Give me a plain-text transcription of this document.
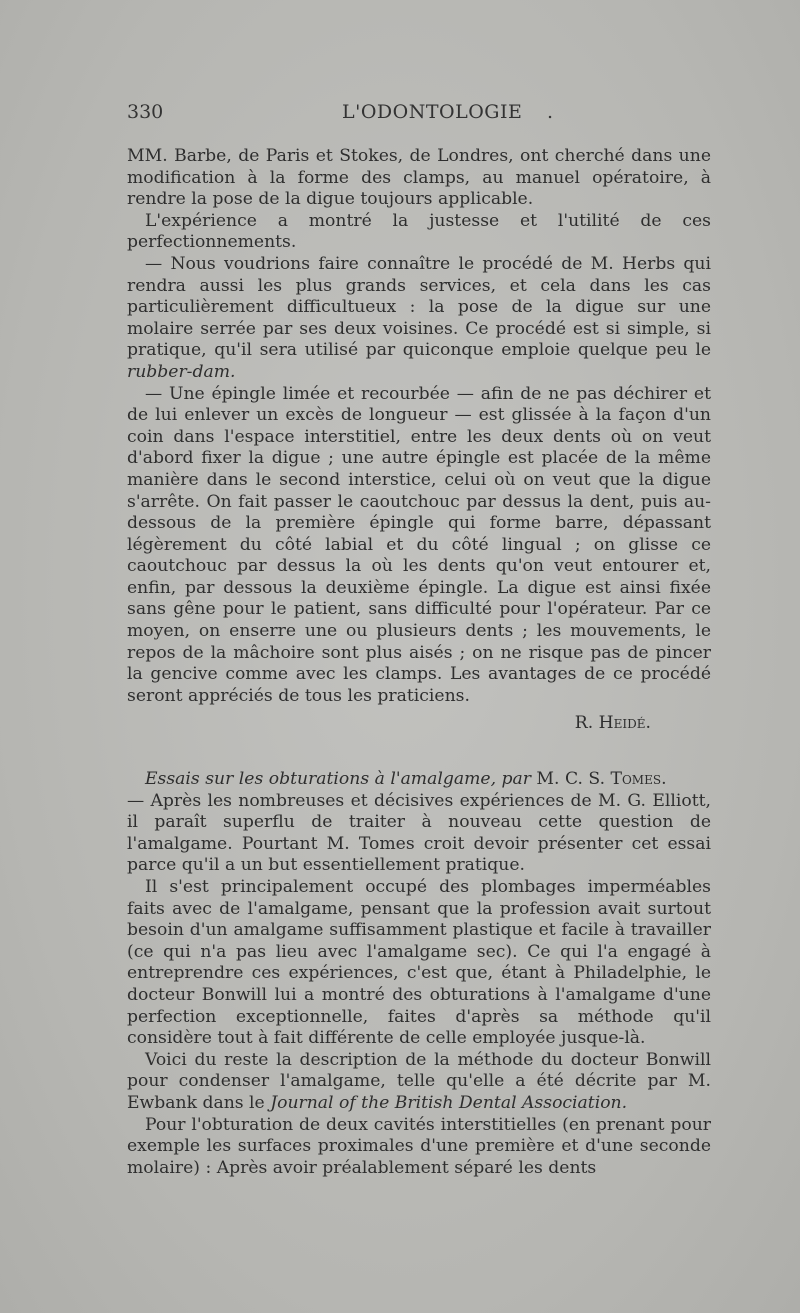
330	L'ODONTOLOGIE .

MM. Barbe, de Paris et Stokes, de Londres, ont cherché dans une modification à la forme des clamps, au manuel opératoire, à rendre la pose de la digue toujours applicable.

L'expérience a montré la justesse et l'utilité de ces perfectionnements.

— Nous voudrions faire connaître le procédé de M. Herbs qui rendra aussi les plus grands services, et cela dans les cas particulièrement difficultueux : la pose de la digue sur une molaire serrée par ses deux voisines. Ce procédé est si simple, si pratique, qu'il sera utilisé par quiconque emploie quelque peu le rubber-dam.

— Une épingle limée et recourbée — afin de ne pas déchirer et de lui enlever un excès de longueur — est glissée à la façon d'un coin dans l'espace interstitiel, entre les deux dents où on veut d'abord fixer la digue ; une autre épingle est placée de la même manière dans le second interstice, celui où on veut que la digue s'arrête. On fait passer le caoutchouc par dessus la dent, puis au-dessous de la première épingle qui forme barre, dépassant légèrement du côté labial et du côté lingual ; on glisse ce caoutchouc par dessus la où les dents qu'on veut entourer et, enfin, par dessous la deuxième épingle. La digue est ainsi fixée sans gêne pour le patient, sans difficulté pour l'opérateur. Par ce moyen, on enserre une ou plusieurs dents ; les mouvements, le repos de la mâchoire sont plus aisés ; on ne risque pas de pincer la gencive comme avec les clamps. Les avantages de ce procédé seront appréciés de tous les praticiens.

R. Heidé.

Essais sur les obturations à l'amalgame, par M. C. S. Tomes.

— Après les nombreuses et décisives expériences de M. G. Elliott, il paraît superflu de traiter à nouveau cette question de l'amalgame. Pourtant M. Tomes croit devoir présenter cet essai parce qu'il a un but essentiellement pratique.

Il s'est principalement occupé des plombages imperméables faits avec de l'amalgame, pensant que la profession avait surtout besoin d'un amalgame suffisamment plastique et facile à travailler (ce qui n'a pas lieu avec l'amalgame sec). Ce qui l'a engagé à entreprendre ces expériences, c'est que, étant à Philadelphie, le docteur Bonwill lui a montré des obturations à l'amalgame d'une perfection exceptionnelle, faites d'après sa méthode qu'il considère tout à fait différente de celle employée jusque-là.

Voici du reste la description de la méthode du docteur Bonwill pour condenser l'amalgame, telle qu'elle a été décrite par M. Ewbank dans le Journal of the British Dental Association.

Pour l'obturation de deux cavités interstitielles (en prenant pour exemple les surfaces proximales d'une première et d'une seconde molaire) : Après avoir préalablement séparé les dents
